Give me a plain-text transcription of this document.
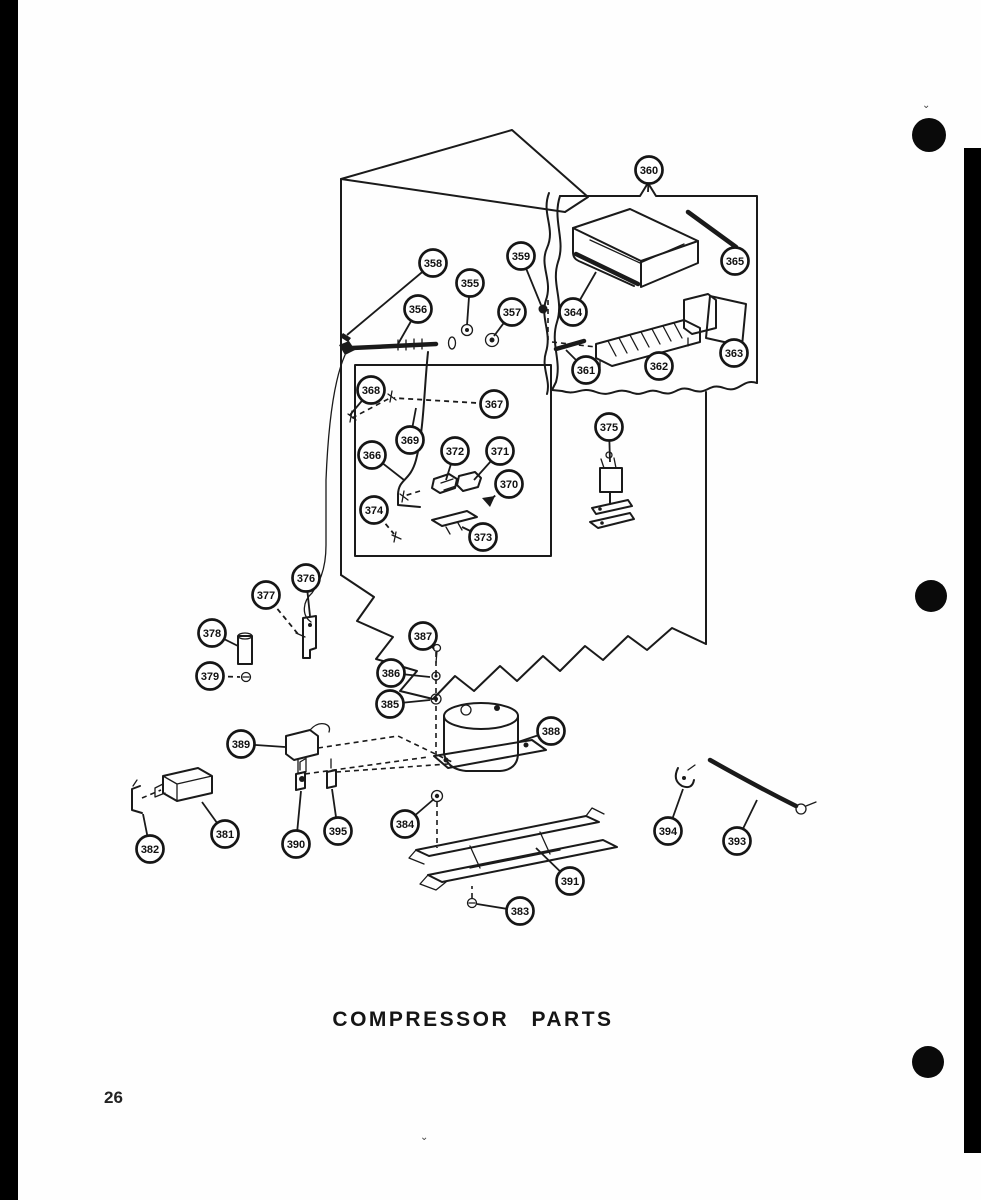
⌄
⌄
358
355
359
356	357
360
364
365
361	362
363
368
367
369
366	372 371
370
374
373
375
377
376
378
379
387
386
385
388
389
382
381
390
395
384
391
383
394
393
COMPRESSOR PARTS
26
